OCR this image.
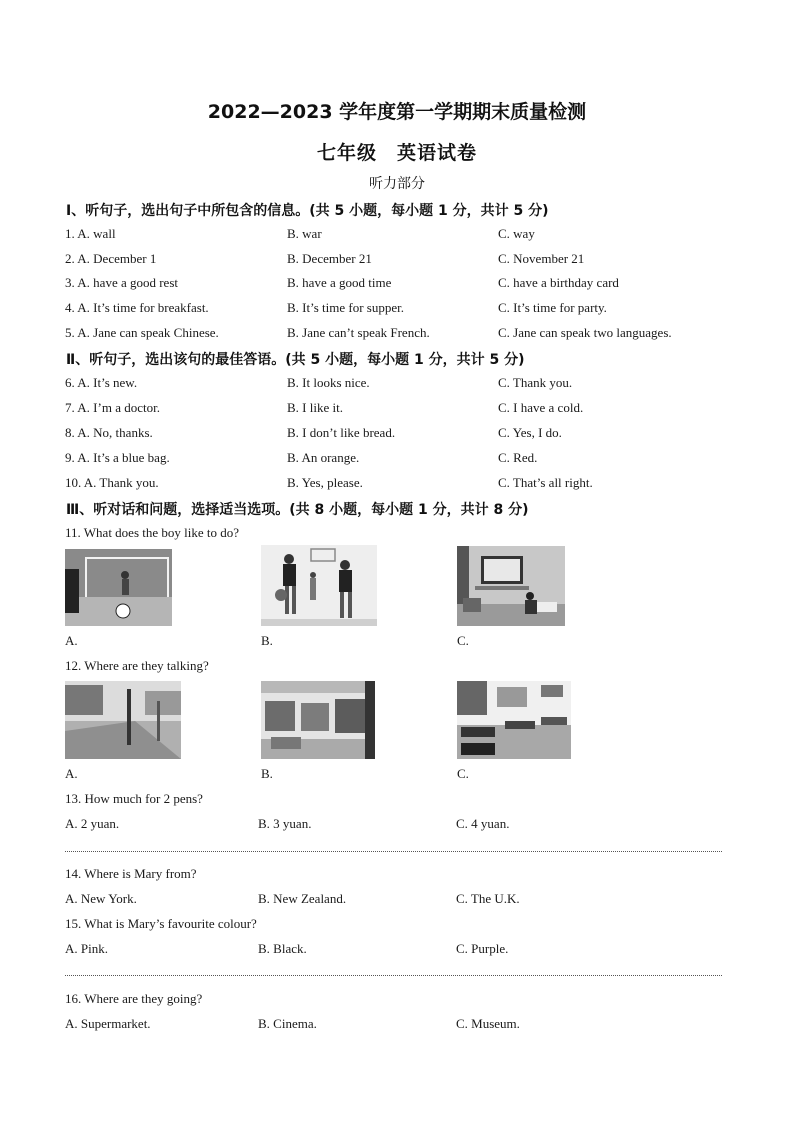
2022—2023 学年度第一学期期末质量检测
七年级　英语试卷
听力部分
Ⅰ、听句子，选出句子中所包含的信息。(共 5 小题，每小题 1 分，共计 5 分)
1. A. wall	B. war	C. way
2. A. December 1	B. December 21	C. November 21
3. A. have a good rest	B. have a good time	C. have a birthday card
4. A. It’s time for breakfast.	B. It’s time for supper.	C. It’s time for party.
5. A. Jane can speak Chinese.	B. Jane can’t speak French.	C. Jane can speak two languages.
Ⅱ、听句子，选出该句的最佳答语。(共 5 小题，每小题 1 分，共计 5 分)
6. A. It’s new.	B. It looks nice.	C. Thank you.
7. A. I’m a doctor.	B. I like it.	C. I have a cold.
8. A. No, thanks.	B. I don’t like bread.	C. Yes, I do.
9. A. It’s a blue bag.	B. An orange.	C. Red.
10. A. Thank you.	B. Yes, please.	C. That’s all right.
Ⅲ、听对话和问题，选择适当选项。(共 8 小题，每小题 1 分，共计 8 分)
11. What does the boy like to do?
A.	B.	C.
12. Where are they talking?
A.	B.	C.
13. How much for 2 pens?
A. 2 yuan.	B. 3 yuan.	C. 4 yuan.
14. Where is Mary from?
A. New York.	B. New Zealand.	C. The U.K.
15. What is Mary’s favourite colour?
A. Pink.	B. Black.	C. Purple.
16. Where are they going?
A. Supermarket.	B. Cinema.	C. Museum.
